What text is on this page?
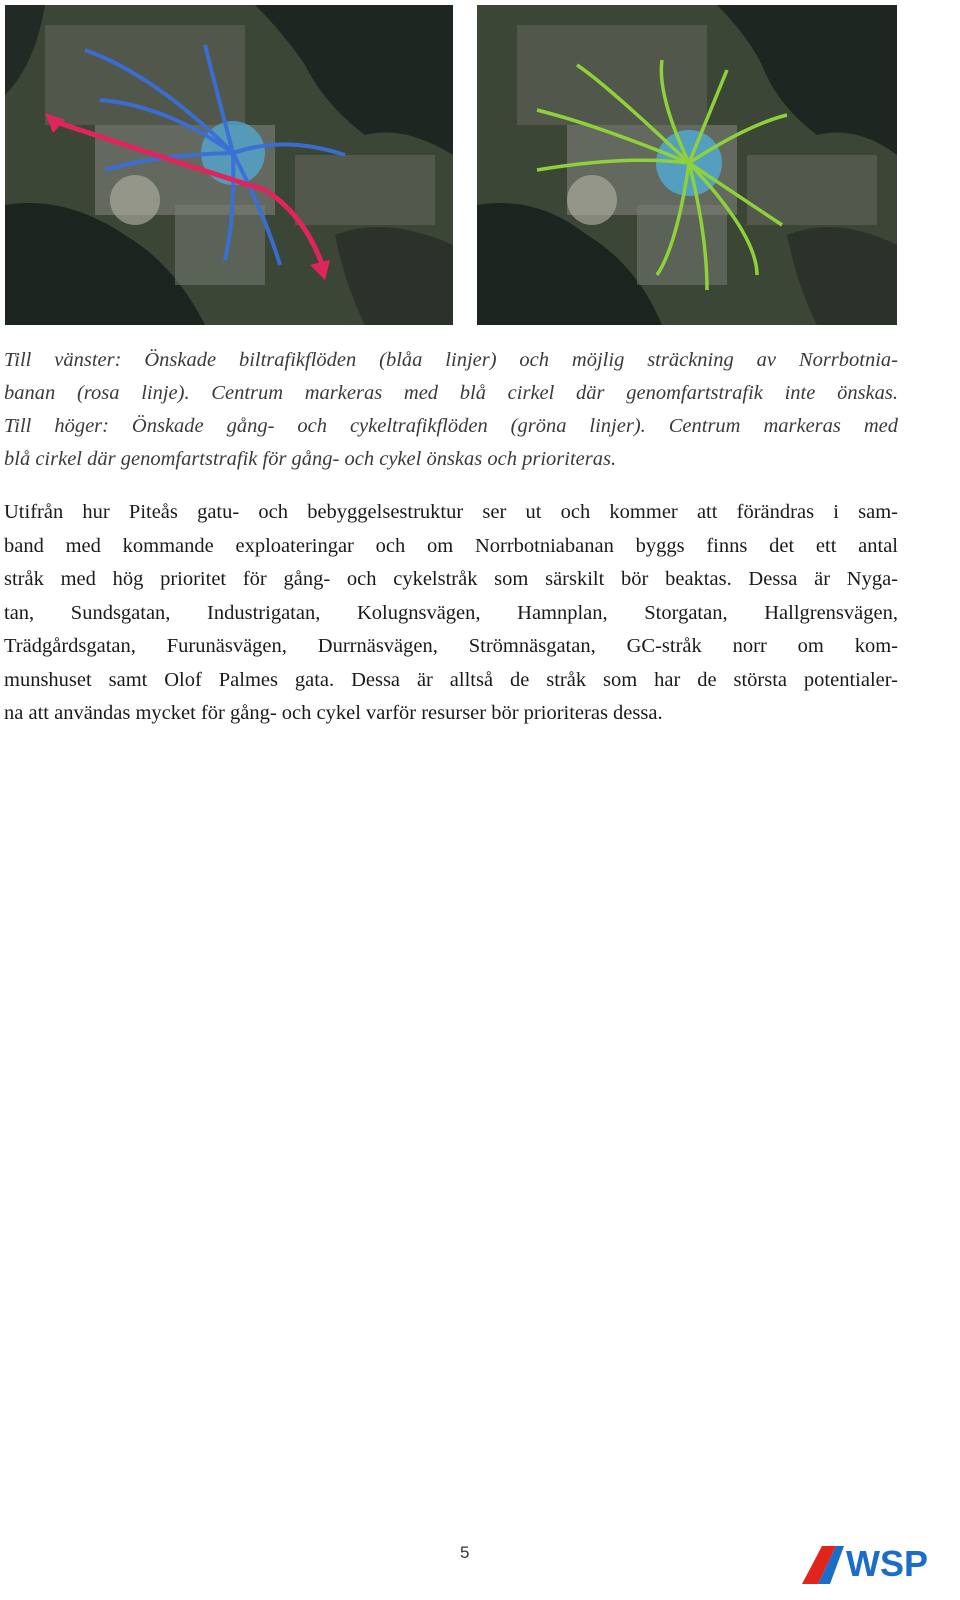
Till vänster: Önskade biltrafikflöden (blåa linjer) och möjlig sträckning av Norrbotnia-
banan (rosa linje). Centrum markeras med blå cirkel där genomfartstrafik inte önskas.
Till höger: Önskade gång- och cykeltrafikflöden (gröna linjer). Centrum markeras med
blå cirkel där genomfartstrafik för gång- och cykel önskas och prioriteras.
Utifrån hur Piteås gatu- och bebyggelsestruktur ser ut och kommer att förändras i sam-
band med kommande exploateringar och om Norrbotniabanan byggs finns det ett antal
stråk med hög prioritet för gång- och cykelstråk som särskilt bör beaktas. Dessa är Nyga-
tan, Sundsgatan, Industrigatan, Kolugnsvägen, Hamnplan, Storgatan, Hallgrensvägen,
Trädgårdsgatan, Furunäsvägen, Durrnäsvägen, Strömnäsgatan, GC-stråk norr om kom-
munshuset samt Olof Palmes gata. Dessa är alltså de stråk som har de största potentialer-
na att användas mycket för gång- och cykel varför resurser bör prioriteras dessa.
5	WSP
